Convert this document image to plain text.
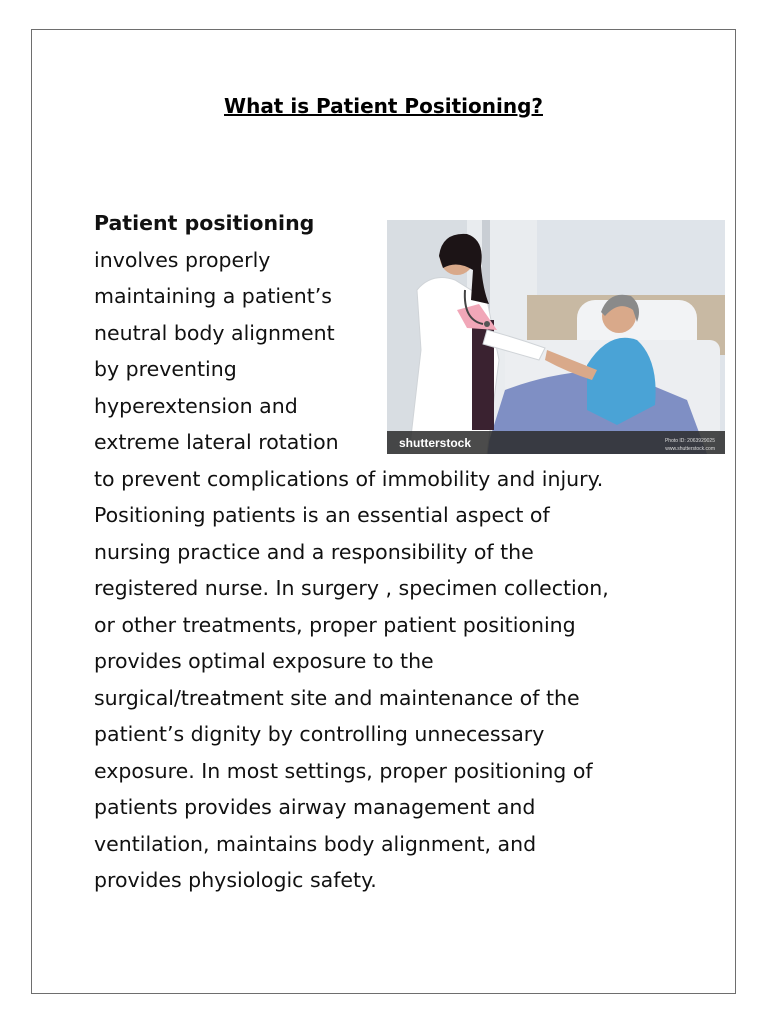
What is Patient Positioning?
shutterstock	Photo ID: 2063929025
www.shutterstock.com
Patient positioning
involves properly
maintaining a patient’s
neutral body alignment
by preventing
hyperextension and
extreme lateral rotation
to prevent complications of immobility and injury.
Positioning patients is an essential aspect of
nursing practice and a responsibility of the
registered nurse. In surgery , specimen collection,
or other treatments, proper patient positioning
provides optimal exposure to the
surgical/treatment site and maintenance of the
patient’s dignity by controlling unnecessary
exposure. In most settings, proper positioning of
patients provides airway management and
ventilation, maintains body alignment, and
provides physiologic safety.
